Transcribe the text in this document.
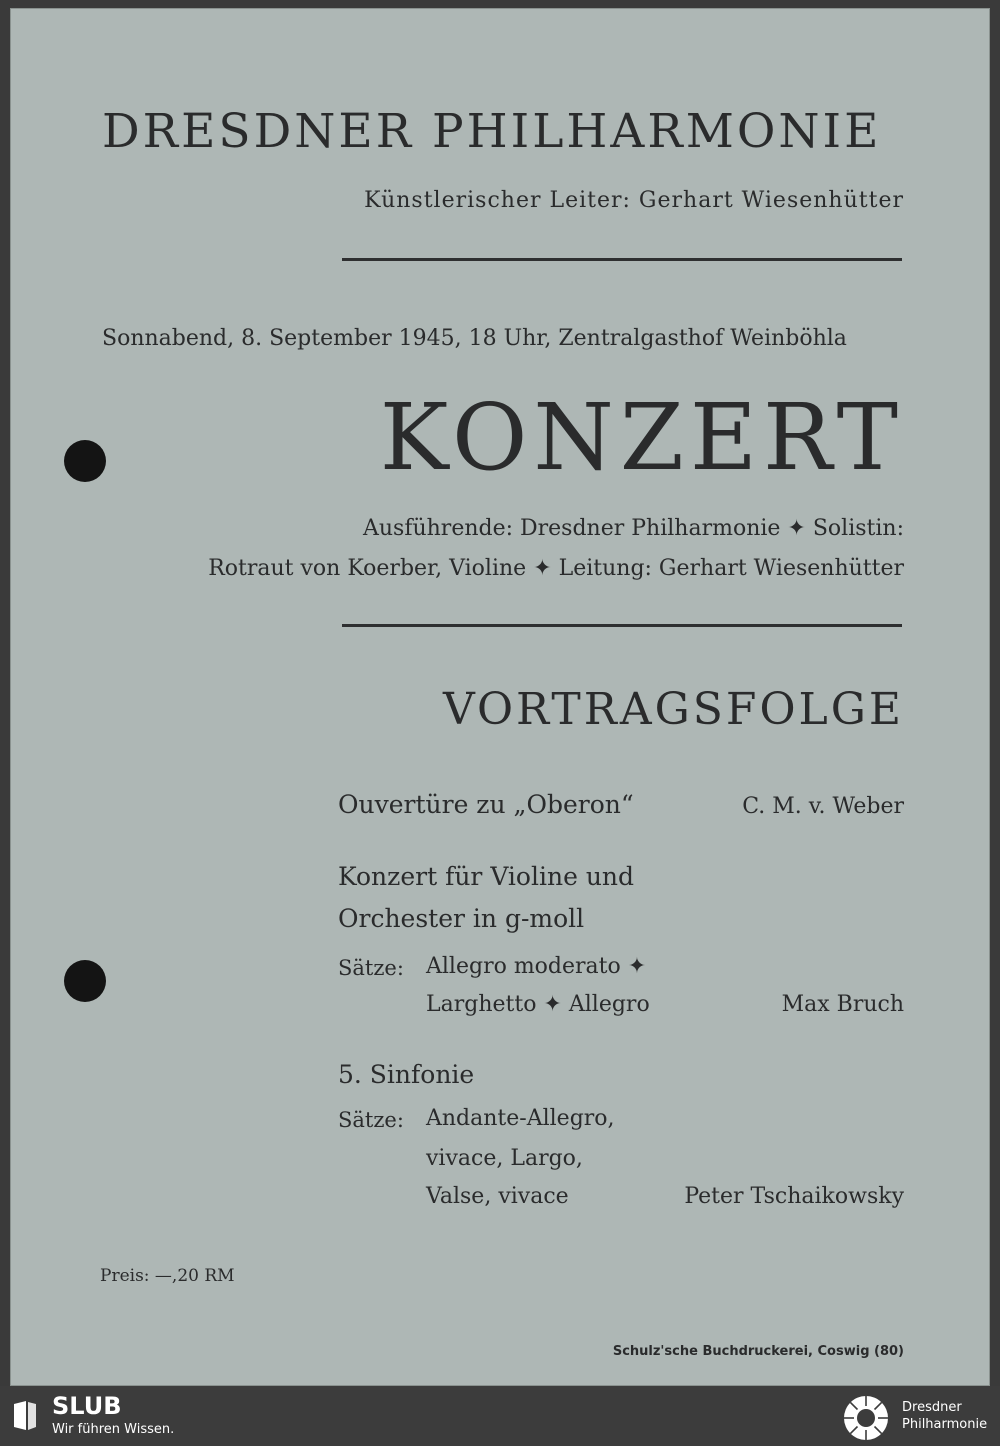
DRESDNER PHILHARMONIE
Künstlerischer Leiter: Gerhart Wiesenhütter
Sonnabend, 8. September 1945, 18 Uhr, Zentralgasthof Weinböhla
KONZERT
Ausführende: Dresdner Philharmonie ✦ Solistin:
Rotraut von Koerber, Violine ✦ Leitung: Gerhart Wiesenhütter
VORTRAGSFOLGE
Ouvertüre zu „Oberon“	C. M. v. Weber
Konzert für Violine und
Orchester in g-moll
Sätze: Allegro moderato ✦
Larghetto ✦ Allegro	Max Bruch
5. Sinfonie
Sätze: Andante-Allegro,
vivace, Largo,
Valse, vivace	Peter Tschaikowsky
Preis: —,20 RM
Schulz'sche Buchdruckerei, Coswig (80)
SLUB
Wir führen Wissen.
Dresdner
Philharmonie
